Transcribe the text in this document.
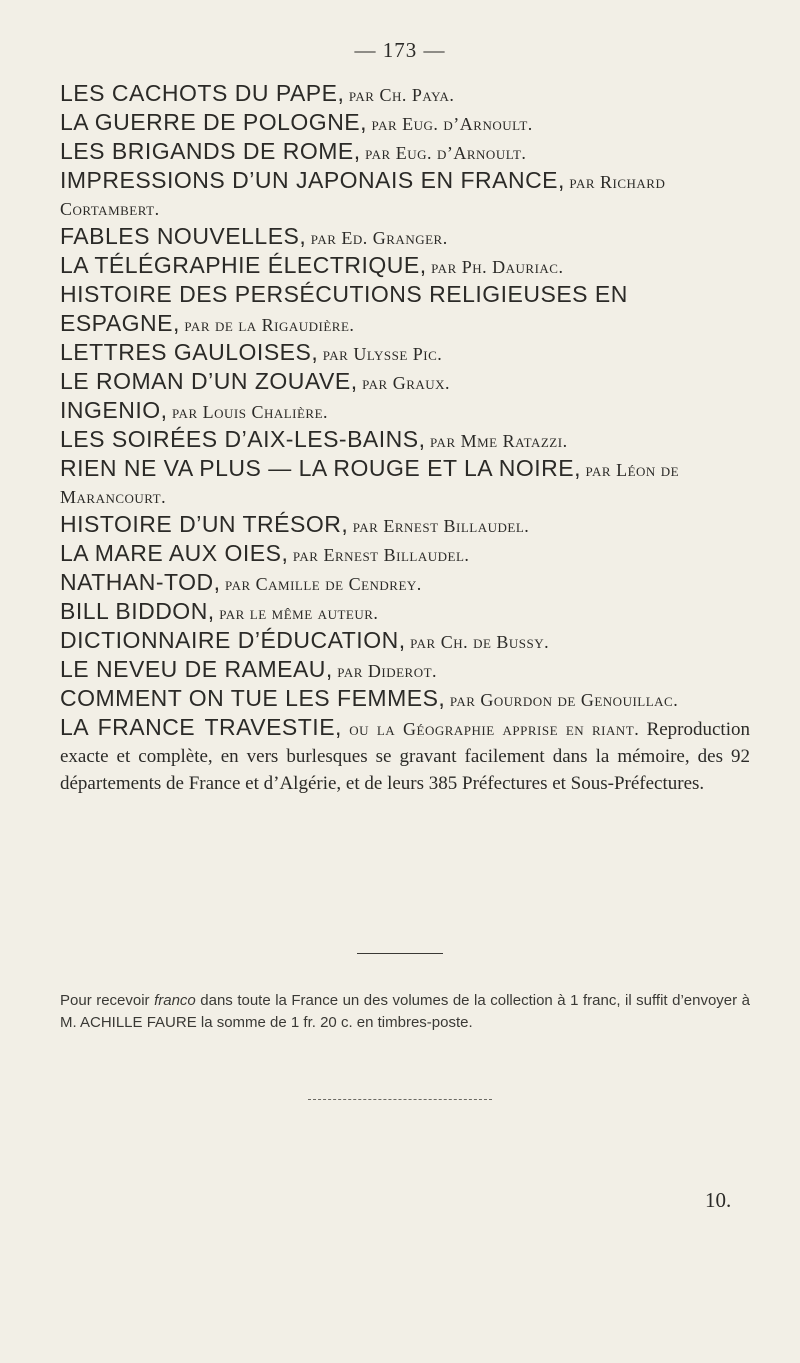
— 173 —

LES CACHOTS DU PAPE, par Ch. Paya.

LA GUERRE DE POLOGNE, par Eug. d’Arnoult.

LES BRIGANDS DE ROME, par Eug. d’Arnoult.

IMPRESSIONS D’UN JAPONAIS EN FRANCE, par Richard Cortambert.

FABLES NOUVELLES, par Ed. Granger.

LA TÉLÉGRAPHIE ÉLECTRIQUE, par Ph. Dauriac.

HISTOIRE DES PERSÉCUTIONS RELIGIEUSES EN ESPAGNE, par de la Rigaudière.

LETTRES GAULOISES, par Ulysse Pic.

LE ROMAN D’UN ZOUAVE, par Graux.

INGENIO, par Louis Chalière.

LES SOIRÉES D’AIX-LES-BAINS, par Mme Ratazzi.

RIEN NE VA PLUS — LA ROUGE ET LA NOIRE, par Léon de Marancourt.

HISTOIRE D’UN TRÉSOR, par Ernest Billaudel.

LA MARE AUX OIES, par Ernest Billaudel.

NATHAN-TOD, par Camille de Cendrey.

BILL BIDDON, par le même auteur.

DICTIONNAIRE D’ÉDUCATION, par Ch. de Bussy.

LE NEVEU DE RAMEAU, par Diderot.

COMMENT ON TUE LES FEMMES, par Gourdon de Genouillac.

LA FRANCE TRAVESTIE, ou la Géographie apprise en riant. Reproduction exacte et complète, en vers burlesques se gravant facilement dans la mémoire, des 92 départements de France et d’Algérie, et de leurs 385 Préfectures et Sous-Préfectures.

Pour recevoir franco dans toute la France un des volumes de la collection à 1 franc, il suffit d’envoyer à M. ACHILLE FAURE la somme de 1 fr. 20 c. en timbres-poste.
10.
